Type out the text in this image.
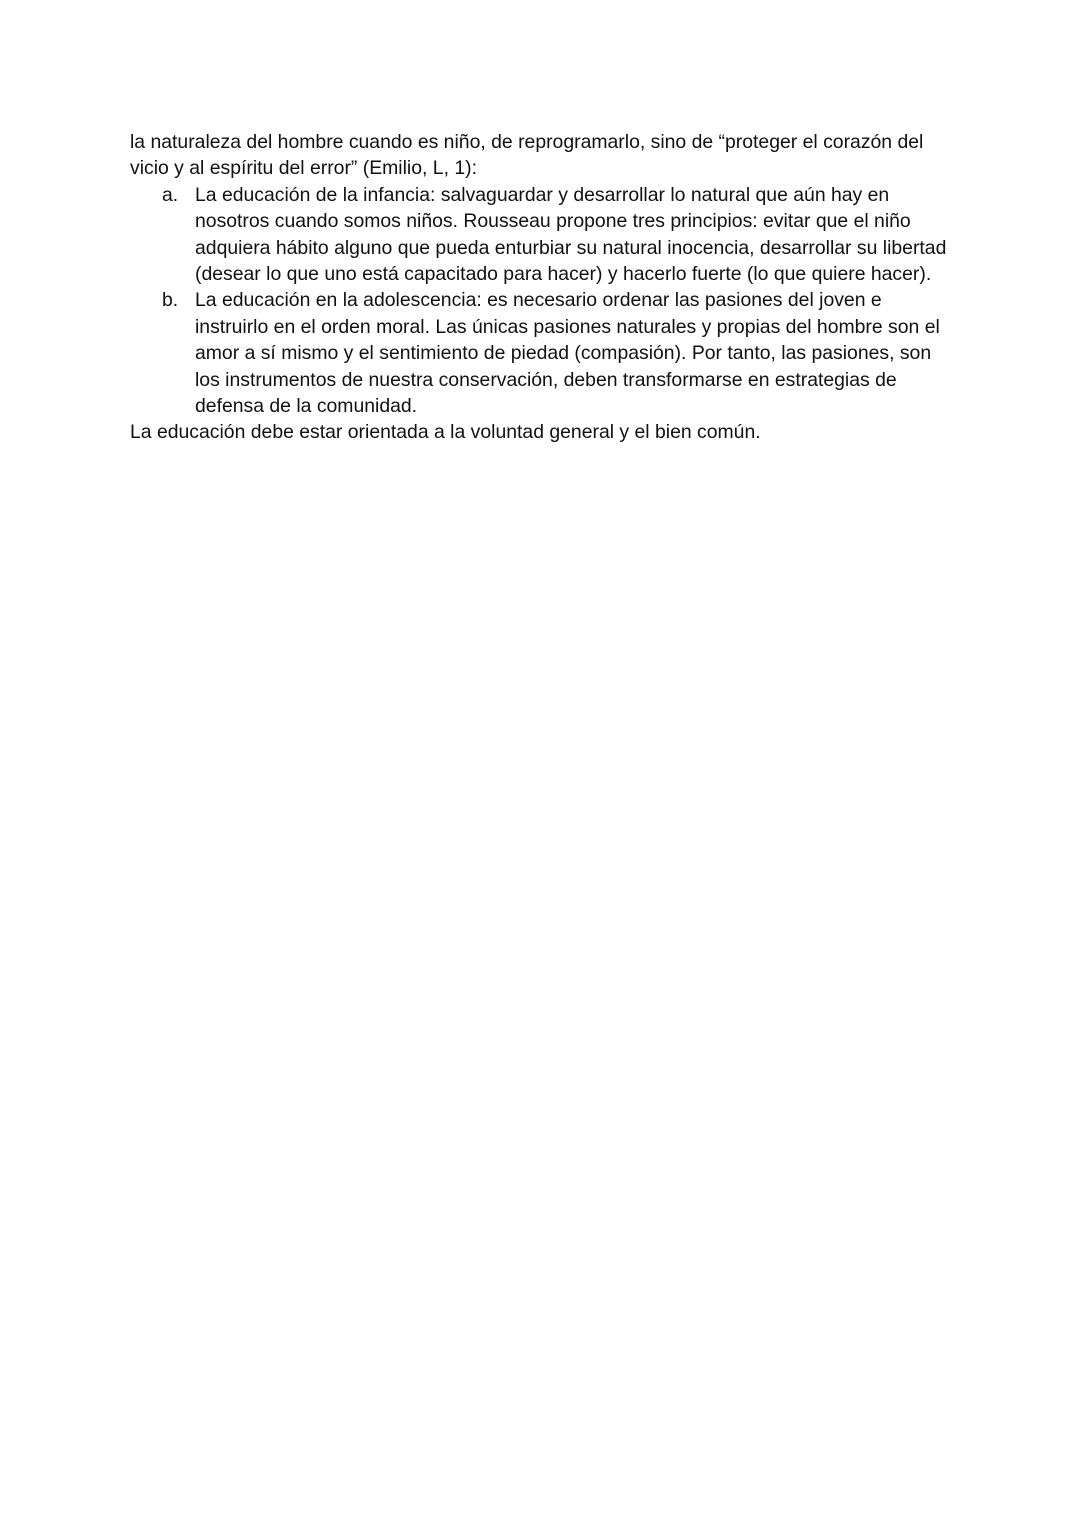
la naturaleza del hombre cuando es niño, de reprogramarlo, sino de “proteger el corazón del vicio y al espíritu del error” (Emilio, L, 1):

a. La educación de la infancia: salvaguardar y desarrollar lo natural que aún hay en nosotros cuando somos niños. Rousseau propone tres principios: evitar que el niño adquiera hábito alguno que pueda enturbiar su natural inocencia, desarrollar su libertad (desear lo que uno está capacitado para hacer) y hacerlo fuerte (lo que quiere hacer).
b. La educación en la adolescencia: es necesario ordenar las pasiones del joven e instruirlo en el orden moral. Las únicas pasiones naturales y propias del hombre son el amor a sí mismo y el sentimiento de piedad (compasión). Por tanto, las pasiones, son los instrumentos de nuestra conservación, deben transformarse en estrategias de defensa de la comunidad.

La educación debe estar orientada a la voluntad general y el bien común.
